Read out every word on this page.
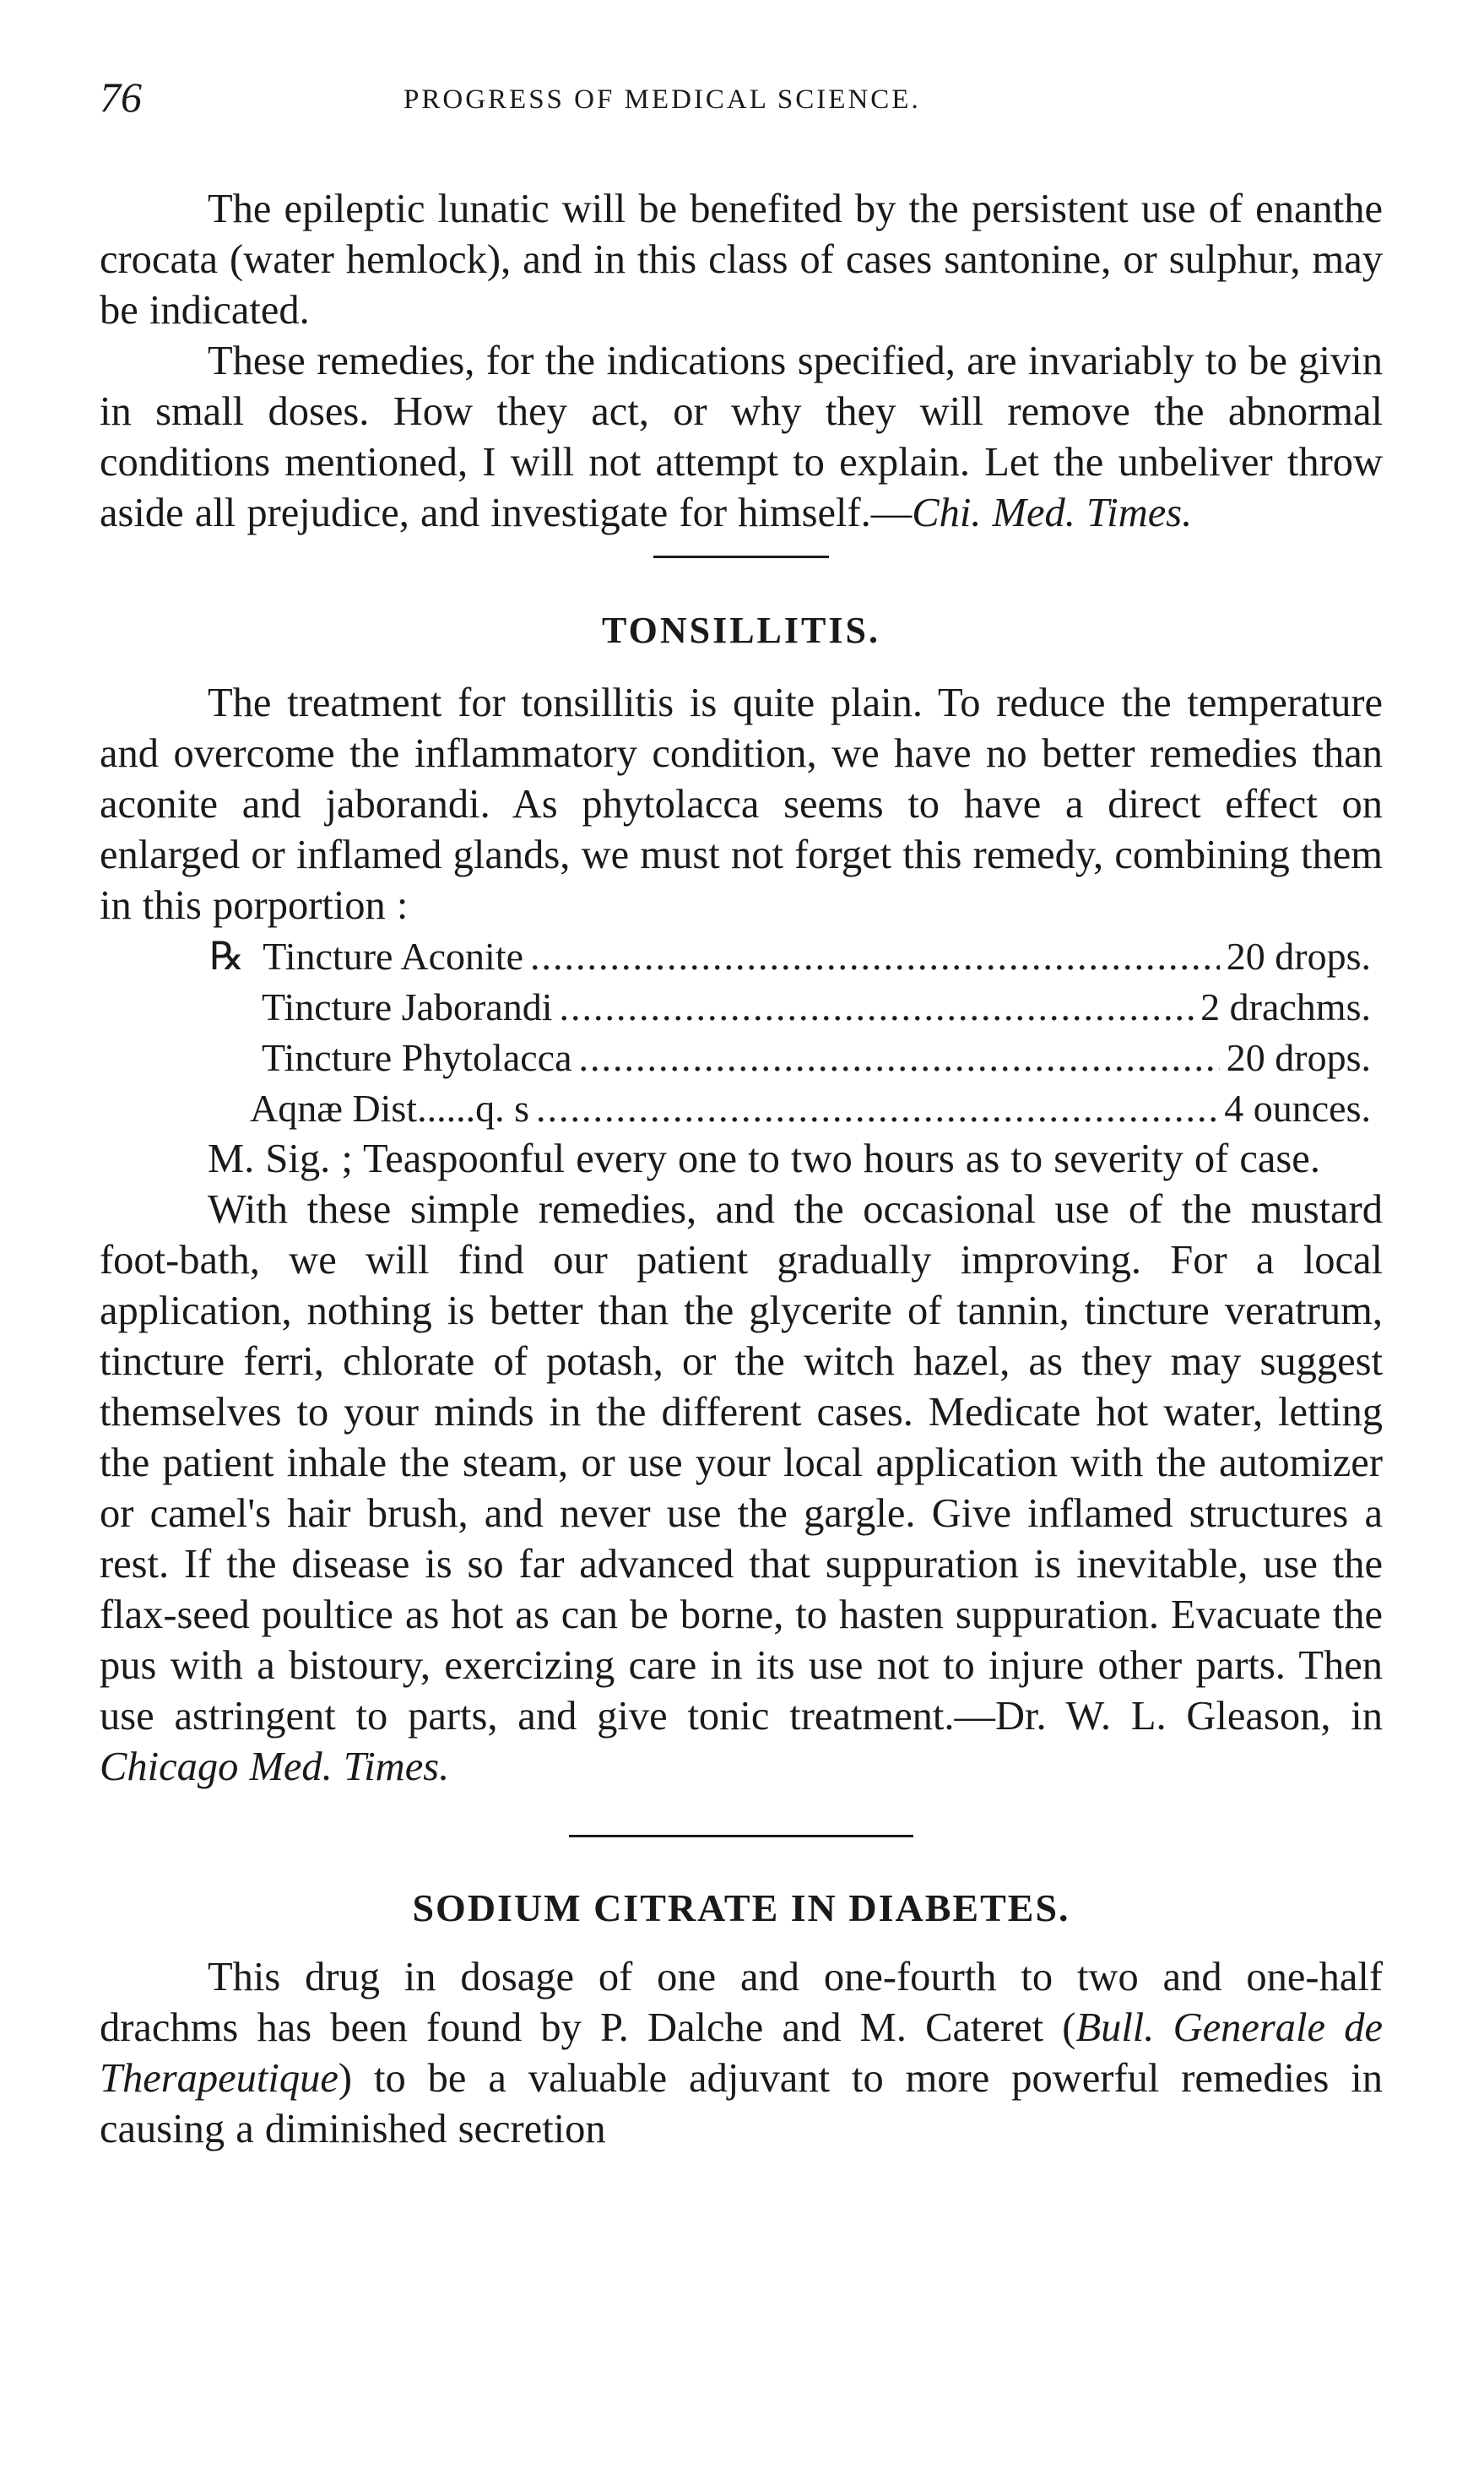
76	PROGRESS OF MEDICAL SCIENCE.

The epileptic lunatic will be benefited by the persistent use of enanthe crocata (water hemlock), and in this class of cases santonine, or sulphur, may be indicated.

These remedies, for the indications specified, are invariably to be givin in small doses. How they act, or why they will remove the abnormal conditions mentioned, I will not attempt to explain. Let the unbeliver throw aside all prejudice, and investigate for himself.—Chi. Med. Times.

TONSILLITIS.

The treatment for tonsillitis is quite plain. To reduce the temperature and overcome the inflammatory condition, we have no better remedies than aconite and jaborandi. As phytolacca seems to have a direct effect on enlarged or inflamed glands, we must not forget this remedy, combining them in this porportion :

℞ Tincture Aconite .....	20 drops.
Tincture Jaborandi .....	2 drachms.
Tincture Phytolacca .....	20 drops.
Aqnæ Dist......q. s .....	4 ounces.

M. Sig. ; Teaspoonful every one to two hours as to severity of case.

With these simple remedies, and the occasional use of the mustard foot-bath, we will find our patient gradually improving. For a local application, nothing is better than the glycerite of tannin, tincture veratrum, tincture ferri, chlorate of potash, or the witch hazel, as they may suggest themselves to your minds in the different cases. Medicate hot water, letting the patient inhale the steam, or use your local application with the automizer or camel's hair brush, and never use the gargle. Give inflamed structures a rest. If the disease is so far advanced that suppuration is inevitable, use the flax-seed poultice as hot as can be borne, to hasten suppuration. Evacuate the pus with a bistoury, exercizing care in its use not to injure other parts. Then use astringent to parts, and give tonic treatment.—Dr. W. L. Gleason, in Chicago Med. Times.

SODIUM CITRATE IN DIABETES.

This drug in dosage of one and one-fourth to two and one-half drachms has been found by P. Dalche and M. Cateret (Bull. Generale de Therapeutique) to be a valuable adjuvant to more powerful remedies in causing a diminished secretion
